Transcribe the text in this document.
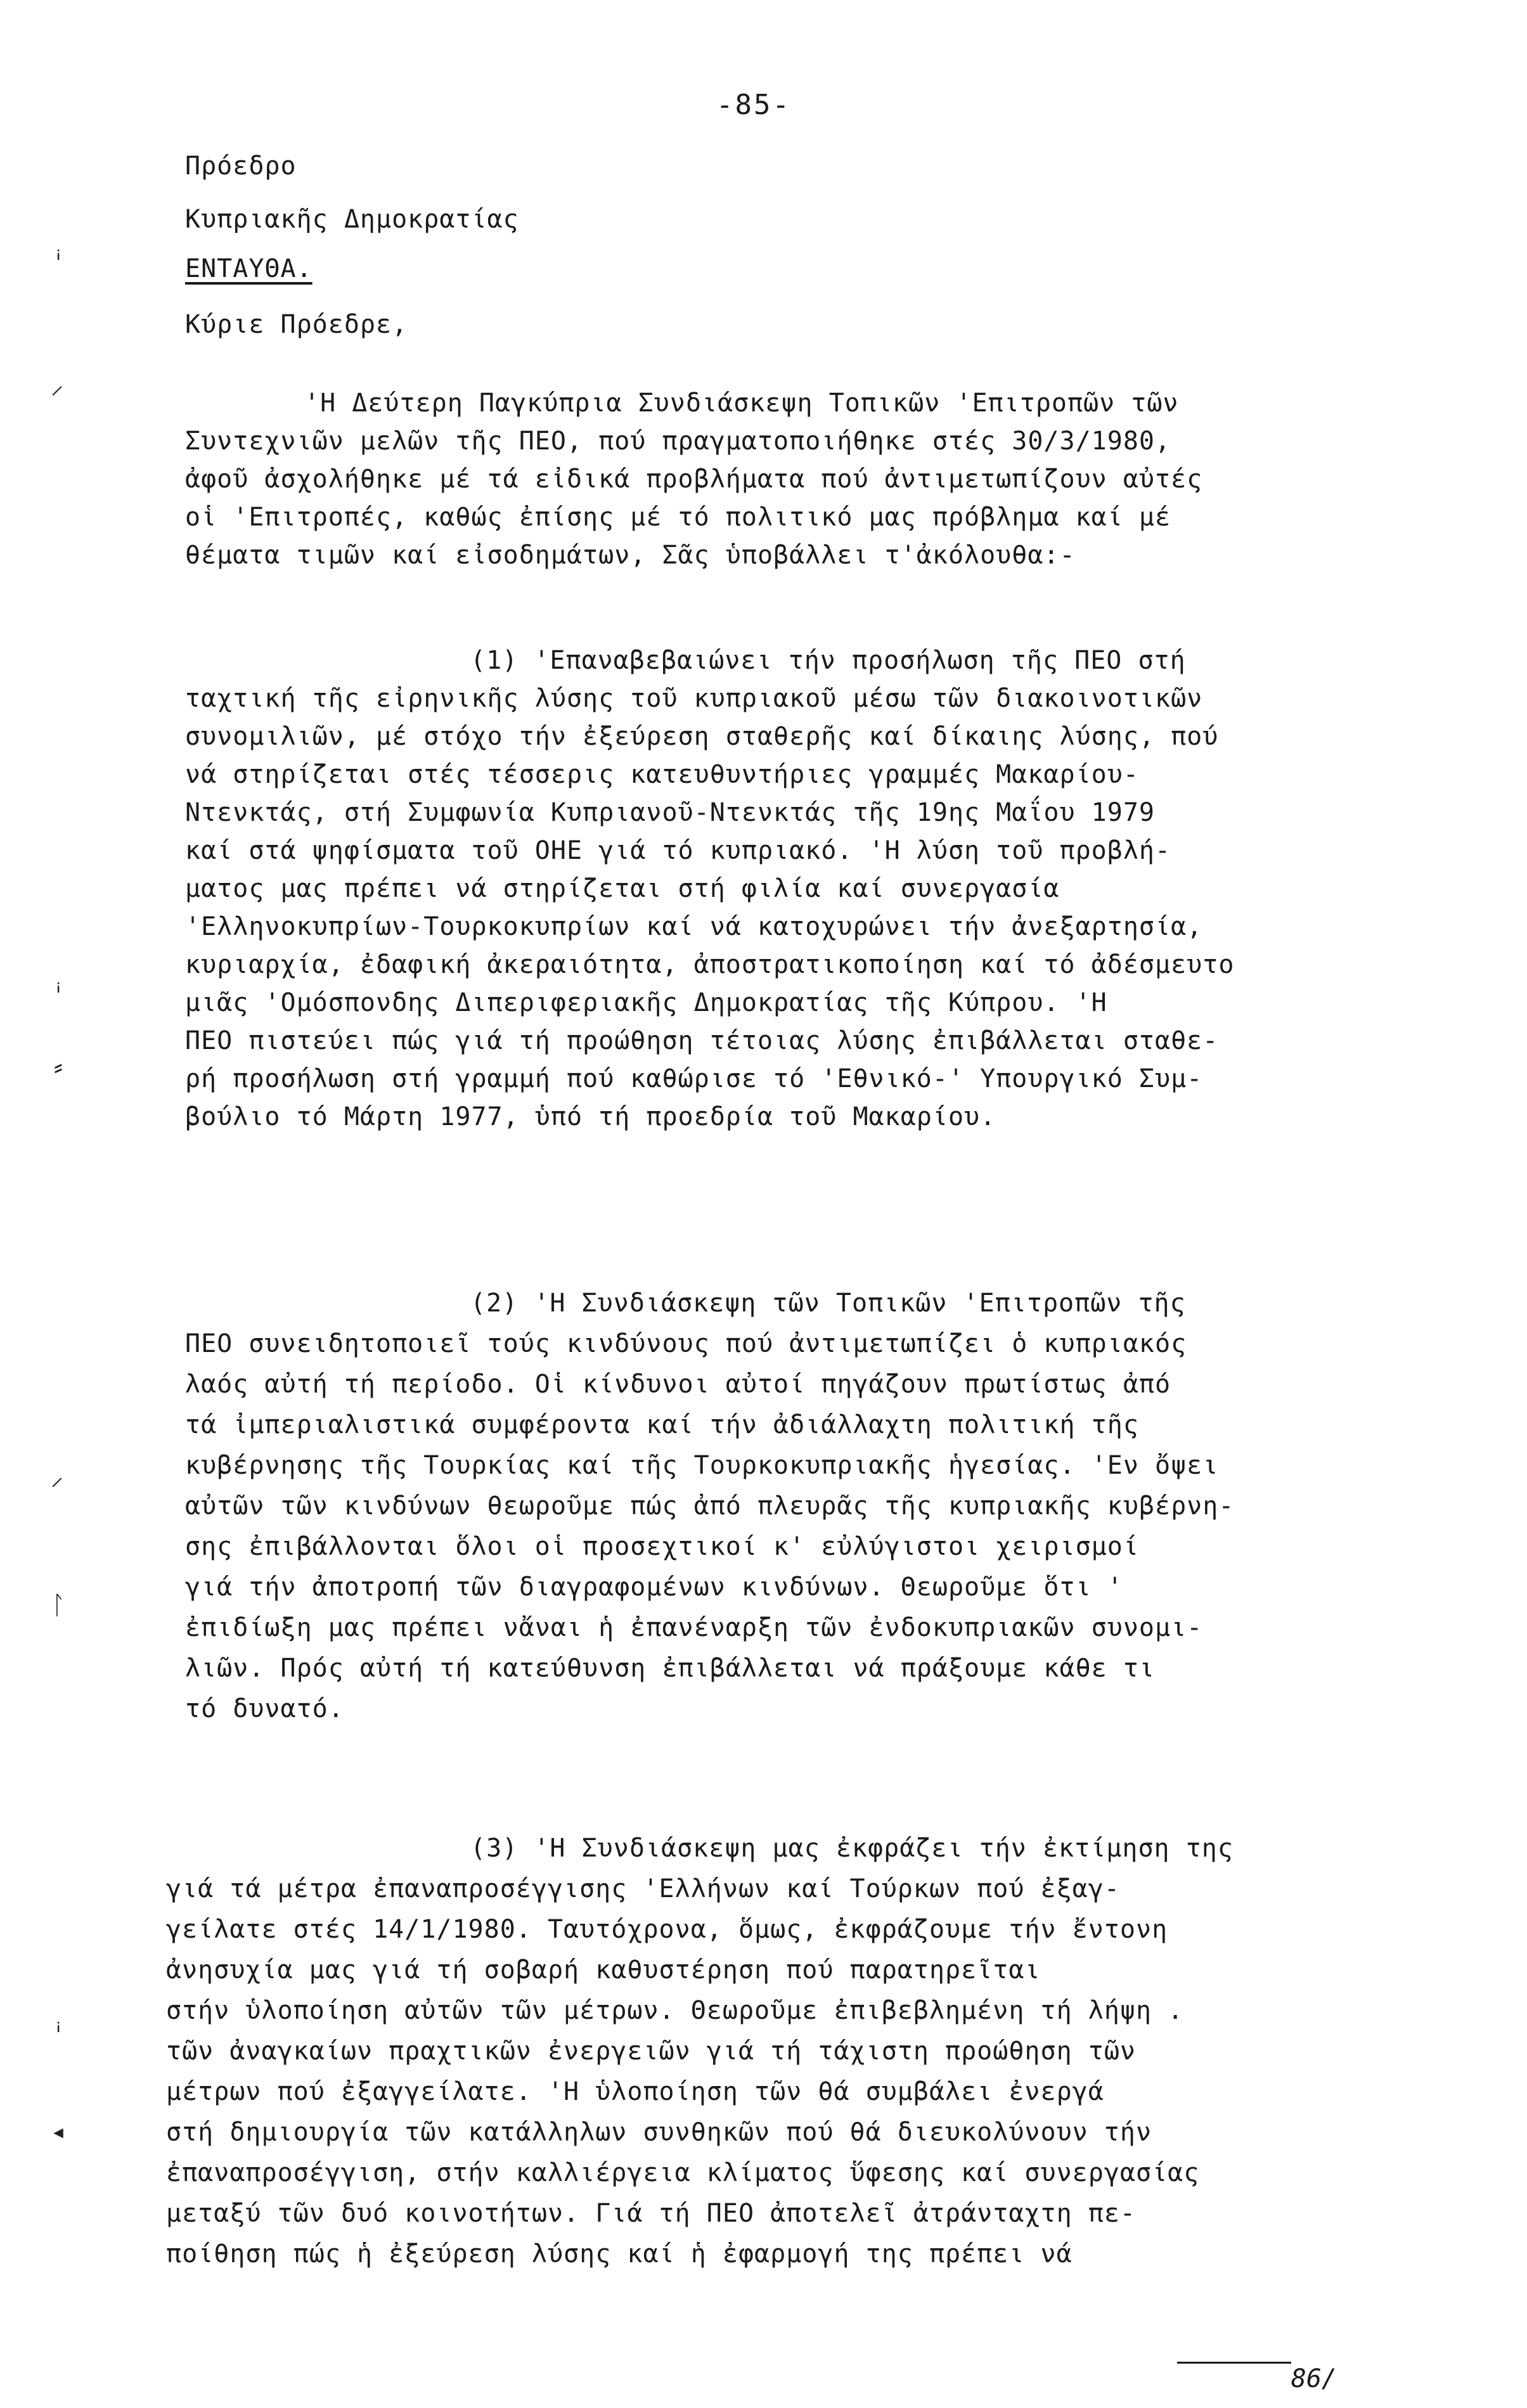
-85-
Πρόεδρο
Κυπριακῆς Δημοκρατίας
ΕΝΤΑΥΘΑ.
Κύριε Πρόεδρε,
'Η Δεύτερη Παγκύπρια Συνδιάσκεψη Τοπικῶν 'Επιτροπῶν τῶν
Συντεχνιῶν μελῶν τῆς ΠΕΟ, πού πραγματοποιήθηκε στές 30/3/1980,
ἀφοῦ ἀσχολήθηκε μέ τά εἰδικά προβλήματα πού ἀντιμετωπίζουν αὐτές
οἱ 'Επιτροπές, καθώς ἐπίσης μέ τό πολιτικό μας πρόβλημα καί μέ
θέματα τιμῶν καί εἰσοδημάτων, Σᾶς ὑποβάλλει τ'ἀκόλουθα:-
(1) 'Επαναβεβαιώνει τήν προσήλωση τῆς ΠΕΟ στή
ταχτική τῆς εἰρηνικῆς λύσης τοῦ κυπριακοῦ μέσω τῶν διακοινοτικῶν
συνομιλιῶν, μέ στόχο τήν ἐξεύρεση σταθερῆς καί δίκαιης λύσης, πού
νά στηρίζεται στές τέσσερις κατευθυντήριες γραμμές Μακαρίου-
Ντενκτάς, στή Συμφωνία Κυπριανοῦ-Ντενκτάς τῆς 19ης Μαΐου 1979
καί στά ψηφίσματα τοῦ ΟΗΕ γιά τό κυπριακό. 'Η λύση τοῦ προβλή-
ματος μας πρέπει νά στηρίζεται στή φιλία καί συνεργασία
'Ελληνοκυπρίων-Τουρκοκυπρίων καί νά κατοχυρώνει τήν ἀνεξαρτησία,
κυριαρχία, ἐδαφική ἀκεραιότητα, ἀποστρατικοποίηση καί τό ἀδέσμευτο
μιᾶς 'Ομόσπονδης Διπεριφεριακῆς Δημοκρατίας τῆς Κύπρου. 'Η
ΠΕΟ πιστεύει πώς γιά τή προώθηση τέτοιας λύσης ἐπιβάλλεται σταθε-
ρή προσήλωση στή γραμμή πού καθώρισε τό 'Εθνικό-' Υπουργικό Συμ-
βούλιο τό Μάρτη 1977, ὑπό τή προεδρία τοῦ Μακαρίου.
(2) 'Η Συνδιάσκεψη τῶν Τοπικῶν 'Επιτροπῶν τῆς
ΠΕΟ συνειδητοποιεῖ τούς κινδύνους πού ἀντιμετωπίζει ὁ κυπριακός
λαός αὐτή τή περίοδο. Οἱ κίνδυνοι αὐτοί πηγάζουν πρωτίστως ἀπό
τά ἰμπεριαλιστικά συμφέροντα καί τήν ἀδιάλλαχτη πολιτική τῆς
κυβέρνησης τῆς Τουρκίας καί τῆς Τουρκοκυπριακῆς ἡγεσίας. 'Εν ὄψει
αὐτῶν τῶν κινδύνων θεωροῦμε πώς ἀπό πλευρᾶς τῆς κυπριακῆς κυβέρνη-
σης ἐπιβάλλονται ὅλοι οἱ προσεχτικοί κ' εὐλύγιστοι χειρισμοί
γιά τήν ἀποτροπή τῶν διαγραφομένων κινδύνων. Θεωροῦμε ὅτι '
ἐπιδίωξη μας πρέπει νἄναι ἡ ἐπανέναρξη τῶν ἐνδοκυπριακῶν συνομι-
λιῶν. Πρός αὐτή τή κατεύθυνση ἐπιβάλλεται νά πράξουμε κάθε τι
τό δυνατό.
(3) 'Η Συνδιάσκεψη μας ἐκφράζει τήν ἐκτίμηση της
γιά τά μέτρα ἐπαναπροσέγγισης 'Ελλήνων καί Τούρκων πού ἐξαγ-
γείλατε στές 14/1/1980. Ταυτόχρονα, ὅμως, ἐκφράζουμε τήν ἔντονη
ἀνησυχία μας γιά τή σοβαρή καθυστέρηση πού παρατηρεῖται
στήν ὑλοποίηση αὐτῶν τῶν μέτρων. Θεωροῦμε ἐπιβεβλημένη τή λήψη .
τῶν ἀναγκαίων πραχτικῶν ἐνεργειῶν γιά τή τάχιστη προώθηση τῶν
μέτρων πού ἐξαγγείλατε. 'Η ὑλοποίηση τῶν θά συμβάλει ἐνεργά
στή δημιουργία τῶν κατάλληλων συνθηκῶν πού θά διευκολύνουν τήν
ἐπαναπροσέγγιση, στήν καλλιέργεια κλίματος ὕφεσης καί συνεργασίας
μεταξύ τῶν δυό κοινοτήτων. Γιά τή ΠΕΟ ἀποτελεῖ ἀτράνταχτη πε-
ποίθηση πώς ἡ ἐξεύρεση λύσης καί ἡ ἐφαρμογή της πρέπει νά
86/
ꜟ
⸝
ꜟ
⸗
⸝
ᛚ
ꜟ
◂
